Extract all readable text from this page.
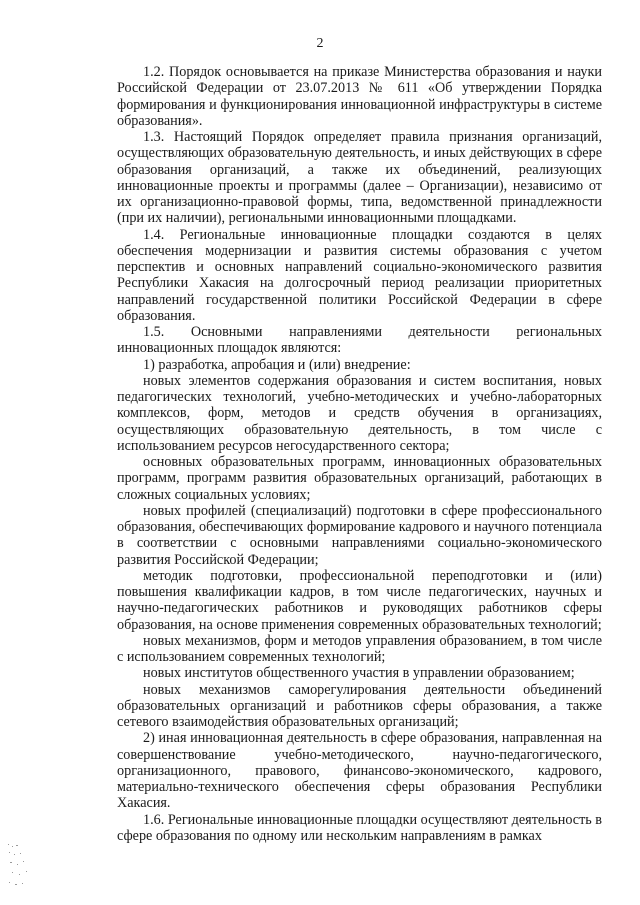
2

1.2. Порядок основывается на приказе Министерства образования и науки Российской Федерации от 23.07.2013 № 611 «Об утверждении Порядка формирования и функционирования инновационной инфраструктуры в системе образования».

1.3. Настоящий Порядок определяет правила признания организаций, осуществляющих образовательную деятельность, и иных действующих в сфере образования организаций, а также их объединений, реализующих инновационные проекты и программы (далее – Организации), независимо от их организационно-правовой формы, типа, ведомственной принадлежности (при их наличии), региональными инновационными площадками.

1.4. Региональные инновационные площадки создаются в целях обеспечения модернизации и развития системы образования с учетом перспектив и основных направлений социально-экономического развития Республики Хакасия на долгосрочный период реализации приоритетных направлений государственной политики Российской Федерации в сфере образования.

1.5. Основными направлениями деятельности региональных инновационных площадок являются:

1) разработка, апробация и (или) внедрение:

новых элементов содержания образования и систем воспитания, новых педагогических технологий, учебно-методических и учебно-лабораторных комплексов, форм, методов и средств обучения в организациях, осуществляющих образовательную деятельность, в том числе с использованием ресурсов негосударственного сектора;

основных образовательных программ, инновационных образовательных программ, программ развития образовательных организаций, работающих в сложных социальных условиях;

новых профилей (специализаций) подготовки в сфере профессионального образования, обеспечивающих формирование кадрового и научного потенциала в соответствии с основными направлениями социально-экономического развития Российской Федерации;

методик подготовки, профессиональной переподготовки и (или) повышения квалификации кадров, в том числе педагогических, научных и научно-педагогических работников и руководящих работников сферы образования, на основе применения современных образовательных технологий;

новых механизмов, форм и методов управления образованием, в том числе с использованием современных технологий;

новых институтов общественного участия в управлении образованием;

новых механизмов саморегулирования деятельности объединений образовательных организаций и работников сферы образования, а также сетевого взаимодействия образовательных организаций;

2) иная инновационная деятельность в сфере образования, направленная на совершенствование учебно-методического, научно-педагогического, организационного, правового, финансово-экономического, кадрового, материально-технического обеспечения сферы образования Республики Хакасия.

1.6. Региональные инновационные площадки осуществляют деятельность в сфере образования по одному или нескольким направлениям в рамках
